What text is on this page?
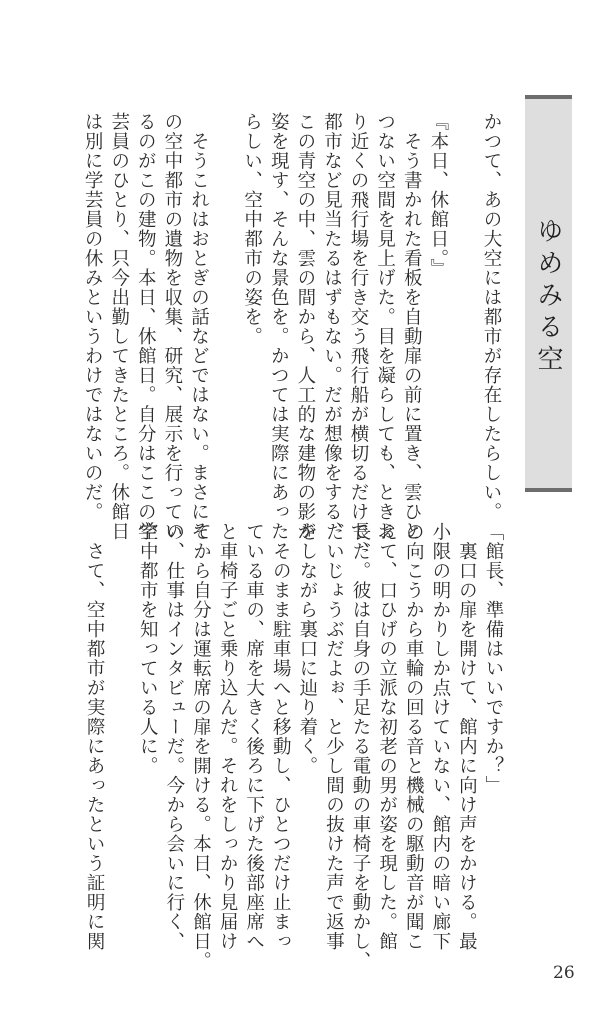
ゆめみる空
かつて、あの大空には都市が存在したらしい。

『本日、休館日。』
　そう書かれた看板を自動扉の前に置き、雲ひと
つない空間を見上げた。目を凝らしても、ときお
り近くの飛行場を行き交う飛行船が横切るだけで、
都市など見当たるはずもない。だが想像をする、
この青空の中、雲の間から、人工的な建物の影が
姿を現す、そんな景色を。かつては実際にあった
らしい、空中都市の姿を。

　そうこれはおとぎの話などではない。まさにそ
の空中都市の遺物を収集、研究、展示を行ってい
るのがこの建物。本日、休館日。自分はここの学
芸員のひとり、只今出勤してきたところ。休館日
は別に学芸員の休みというわけではないのだ。
「館長、準備はいいですか？」
　裏口の扉を開けて、館内に向け声をかける。最
小限の明かりしか点けていない、館内の暗い廊下
の向こうから車輪の回る音と機械の駆動音が聞こ
えて、口ひげの立派な初老の男が姿を現した。館
長だ。彼は自身の手足たる電動の車椅子を動かし、
だいじょうぶだよぉ、と少し間の抜けた声で返事
をしながら裏口に辿り着く。
　そのまま駐車場へと移動し、ひとつだけ止まっ
ている車の、席を大きく後ろに下げた後部座席へ
と車椅子ごと乗り込んだ。それをしっかり見届け
てから自分は運転席の扉を開ける。本日、休館日。
の、仕事はインタビューだ。今から会いに行く、
空中都市を知っている人に。

　さて、空中都市が実際にあったという証明に関
26
